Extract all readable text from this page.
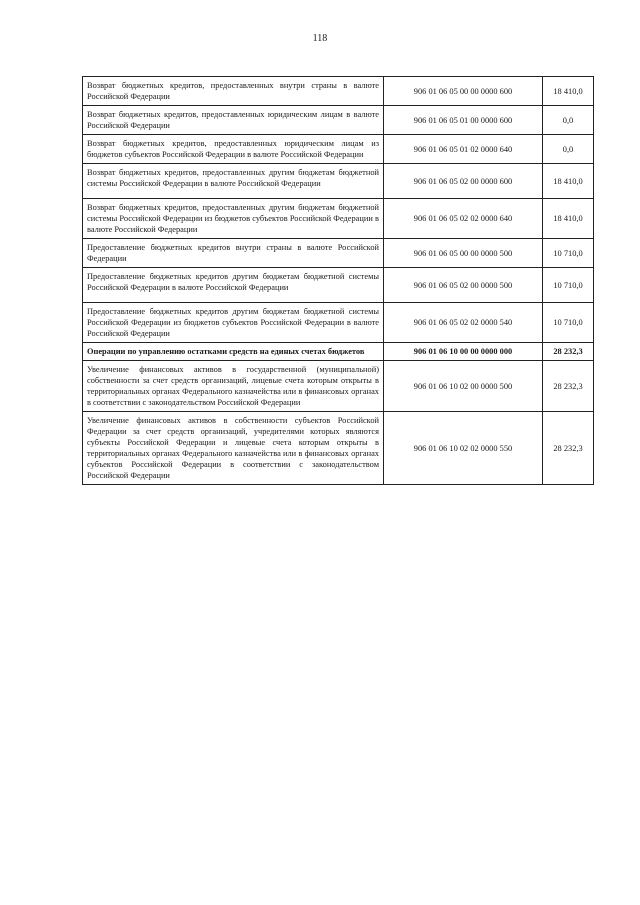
118
Возврат бюджетных кредитов, предоставленных внутри страны в валюте Российской Федерации	906 01 06 05 00 00 0000 600	18 410,0
Возврат бюджетных кредитов, предоставленных юридическим лицам в валюте Российской Федерации	906 01 06 05 01 00 0000 600	0,0
Возврат бюджетных кредитов, предоставленных юридическим лицам из бюджетов субъектов Российской Федерации в валюте Российской Федерации	906 01 06 05 01 02 0000 640	0,0
Возврат бюджетных кредитов, предоставленных другим бюджетам бюджетной системы Российской Федерации в валюте Российской Федерации	906 01 06 05 02 00 0000 600	18 410,0
Возврат бюджетных кредитов, предоставленных другим бюджетам бюджетной системы Российской Федерации из бюджетов субъектов Российской Федерации в валюте Российской Федерации	906 01 06 05 02 02 0000 640	18 410,0
Предоставление бюджетных кредитов внутри страны в валюте Российской Федерации	906 01 06 05 00 00 0000 500	10 710,0
Предоставление бюджетных кредитов другим бюджетам бюджетной системы Российской Федерации в валюте Российской Федерации	906 01 06 05 02 00 0000 500	10 710,0
Предоставление бюджетных кредитов другим бюджетам бюджетной системы Российской Федерации из бюджетов субъектов Российской Федерации в валюте Российской Федерации	906 01 06 05 02 02 0000 540	10 710,0
Операции по управлению остатками средств на единых счетах бюджетов	906 01 06 10 00 00 0000 000	28 232,3
Увеличение финансовых активов в государственной (муниципальной) собственности за счет средств организаций, лицевые счета которым открыты в территориальных органах Федерального казначейства или в финансовых органах в соответствии с законодательством Российской Федерации	906 01 06 10 02 00 0000 500	28 232,3
Увеличение финансовых активов в собственности субъектов Российской Федерации за счет средств организаций, учредителями которых являются субъекты Российской Федерации и лицевые счета которым открыты в территориальных органах Федерального казначейства или в финансовых органах субъектов Российской Федерации в соответствии с законодательством Российской Федерации	906 01 06 10 02 02 0000 550	28 232,3
